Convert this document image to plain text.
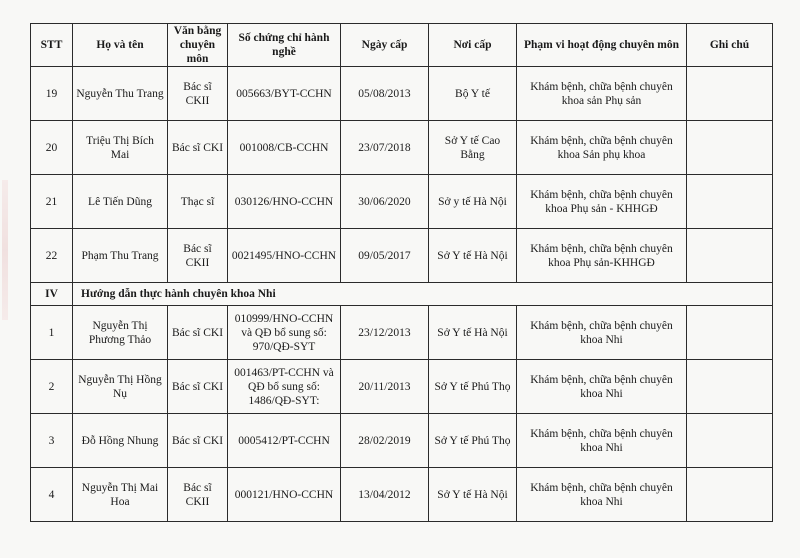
STT	Họ và tên	Văn bằng chuyên môn	Số chứng chỉ hành nghề	Ngày cấp	Nơi cấp	Phạm vi hoạt động chuyên môn	Ghi chú
19	Nguyễn Thu Trang	Bác sĩ CKII	005663/BYT-CCHN	05/08/2013	Bộ Y tế	Khám bệnh, chữa bệnh chuyên khoa sản Phụ sản	
20	Triệu Thị Bích Mai	Bác sĩ CKI	001008/CB-CCHN	23/07/2018	Sở Y tế Cao Bằng	Khám bệnh, chữa bệnh chuyên khoa Sản phụ khoa	
21	Lê Tiến Dũng	Thạc sĩ	030126/HNO-CCHN	30/06/2020	Sở y tế Hà Nội	Khám bệnh, chữa bệnh chuyên khoa Phụ sản - KHHGĐ	
22	Phạm Thu Trang	Bác sĩ CKII	0021495/HNO-CCHN	09/05/2017	Sở Y tế Hà Nội	Khám bệnh, chữa bệnh chuyên khoa Phụ sản-KHHGĐ	
IV	Hướng dẫn thực hành chuyên khoa Nhi						
1	Nguyễn Thị Phương Thảo	Bác sĩ CKI	010999/HNO-CCHN và QĐ bổ sung số: 970/QĐ-SYT	23/12/2013	Sở Y tế Hà Nội	Khám bệnh, chữa bệnh chuyên khoa Nhi	
2	Nguyễn Thị Hồng Nụ	Bác sĩ CKI	001463/PT-CCHN và QĐ bổ sung số: 1486/QĐ-SYT:	20/11/2013	Sở Y tế Phú Thọ	Khám bệnh, chữa bệnh chuyên khoa Nhi	
3	Đỗ Hồng Nhung	Bác sĩ CKI	0005412/PT-CCHN	28/02/2019	Sở Y tế Phú Thọ	Khám bệnh, chữa bệnh chuyên khoa Nhi	
4	Nguyễn Thị Mai Hoa	Bác sĩ CKII	000121/HNO-CCHN	13/04/2012	Sở Y tế Hà Nội	Khám bệnh, chữa bệnh chuyên khoa Nhi	
